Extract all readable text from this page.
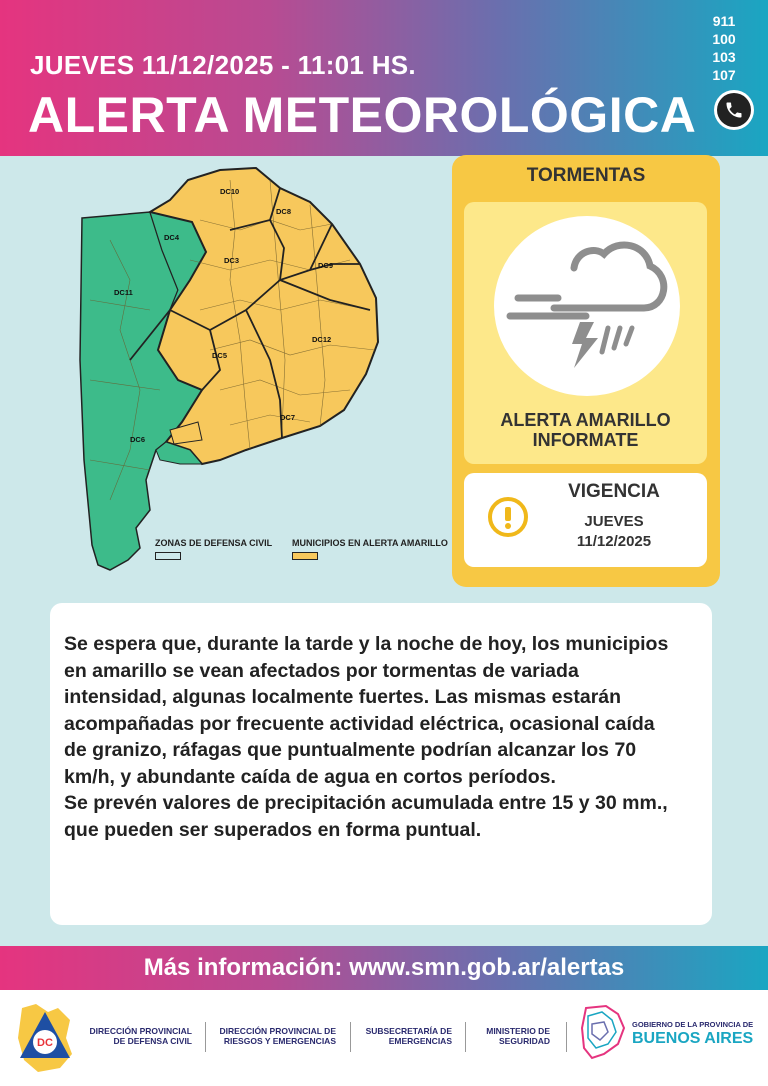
JUEVES 11/12/2025 - 11:01 HS.
ALERTA METEOROLÓGICA
911
100
103
107
DC10
DC8
DC4
DC3
DC9
DC11
DC12
DC5
DC7
DC6
ZONAS DE DEFENSA CIVIL MUNICIPIOS EN ALERTA AMARILLO
TORMENTAS
ALERTA AMARILLO
INFORMATE
VIGENCIA
JUEVES
11/12/2025
Se espera que, durante la tarde y la noche de hoy, los municipios
en amarillo se vean afectados por tormentas de variada
intensidad, algunas localmente fuertes. Las mismas estarán
acompañadas por frecuente actividad eléctrica, ocasional caída
de granizo, ráfagas que puntualmente podrían alcanzar los 70
km/h, y abundante caída de agua en cortos períodos.
Se prevén valores de precipitación acumulada entre 15 y 30 mm.,
que pueden ser superados en forma puntual.
Más información: www.smn.gob.ar/alertas
DC
DIRECCIÓN PROVINCIAL
DE DEFENSA CIVIL
DIRECCIÓN PROVINCIAL DE
RIESGOS Y EMERGENCIAS
SUBSECRETARÍA DE
EMERGENCIAS
MINISTERIO DE
SEGURIDAD
GOBIERNO DE LA PROVINCIA DE
BUENOS AIRES
